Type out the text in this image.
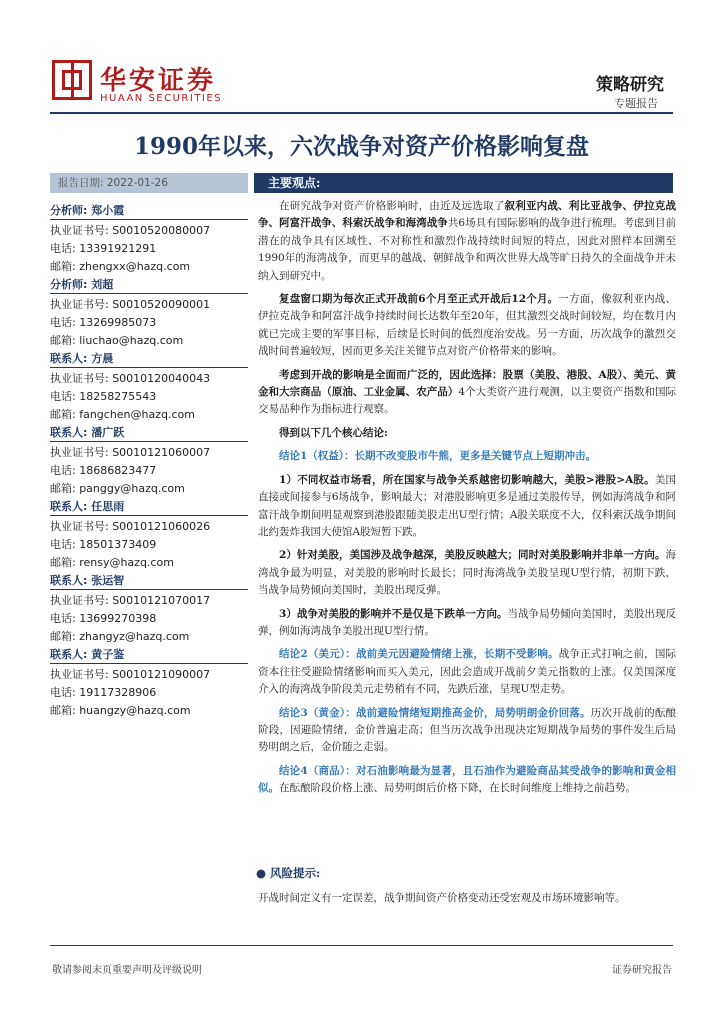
华安证券
HUAAN SECURITIES
策略研究
专题报告
1990年以来，六次战争对资产价格影响复盘
报告日期: 2022-01-26
分析师: 郑小霞
执业证书号: S0010520080007
电话: 13391921291
邮箱: zhengxx@hazq.com
分析师: 刘超
执业证书号: S0010520090001
电话: 13269985073
邮箱: liuchao@hazq.com
联系人: 方晨
执业证书号: S0010120040043
电话: 18258275543
邮箱: fangchen@hazq.com
联系人: 潘广跃
执业证书号: S0010121060007
电话: 18686823477
邮箱: panggy@hazq.com
联系人: 任思雨
执业证书号: S0010121060026
电话: 18501373409
邮箱: rensy@hazq.com
联系人: 张运智
执业证书号: S0010121070017
电话: 13699270398
邮箱: zhangyz@hazq.com
联系人: 黄子鉴
执业证书号: S0010121090007
电话: 19117328906
邮箱: huangzy@hazq.com
主要观点:

在研究战争对资产价格影响时，由近及远选取了叙利亚内战、利比亚战争、伊拉克战争、阿富汗战争、科索沃战争和海湾战争共6场具有国际影响的战争进行梳理。考虑到目前潜在的战争具有区域性、不对称性和激烈作战持续时间短的特点，因此对照样本回溯至1990年的海湾战争，而更早的越战、朝鲜战争和两次世界大战等旷日持久的全面战争并未纳入到研究中。

复盘窗口期为每次正式开战前6个月至正式开战后12个月。一方面，像叙利亚内战、伊拉克战争和阿富汗战争持续时间长达数年至20年，但其激烈交战时间较短，均在数月内就已完成主要的军事目标，后续是长时间的低烈度治安战。另一方面，历次战争的激烈交战时间普遍较短，因而更多关注关键节点对资产价格带来的影响。

考虑到开战的影响是全面而广泛的，因此选择：股票（美股、港股、A股）、美元、黄金和大宗商品（原油、工业金属、农产品）4个大类资产进行观测，以主要资产指数和国际交易品种作为指标进行观察。

得到以下几个核心结论:

结论1（权益）：长期不改变股市牛熊，更多是关键节点上短期冲击。

1）不同权益市场看，所在国家与战争关系越密切影响越大，美股>港股>A股。美国直接或间接参与6场战争，影响最大；对港股影响更多是通过美股传导，例如海湾战争和阿富汗战争期间明显观察到港股跟随美股走出U型行情；A股关联度不大，仅科索沃战争期间北约轰炸我国大使馆A股短暂下跌。

2）针对美股，美国涉及战争越深，美股反映越大；同时对美股影响并非单一方向。海湾战争最为明显，对美股的影响时长最长；同时海湾战争美股呈现U型行情，初期下跌，当战争局势倾向美国时，美股出现反弹。

3）战争对美股的影响并不是仅是下跌单一方向。当战争局势倾向美国时，美股出现反弹，例如海湾战争美股出现U型行情。

结论2（美元）：战前美元因避险情绪上涨，长期不受影响。战争正式打响之前，国际资本往往受避险情绪影响而买入美元，因此会造成开战前夕美元指数的上涨。仅美国深度介入的海湾战争阶段美元走势稍有不同，先跌后涨，呈现U型走势。

结论3（黄金）：战前避险情绪短期推高金价，局势明朗金价回落。历次开战前的酝酿阶段，因避险情绪，金价普遍走高；但当历次战争出现决定短期战争局势的事件发生后局势明朗之后，金价随之走弱。

结论4（商品）：对石油影响最为显著，且石油作为避险商品其受战争的影响和黄金相似。在酝酿阶段价格上涨、局势明朗后价格下降，在长时间维度上维持之前趋势。

● 风险提示:
开战时间定义有一定误差，战争期间资产价格变动还受宏观及市场环境影响等。
敬请参阅末页重要声明及评级说明	证券研究报告
